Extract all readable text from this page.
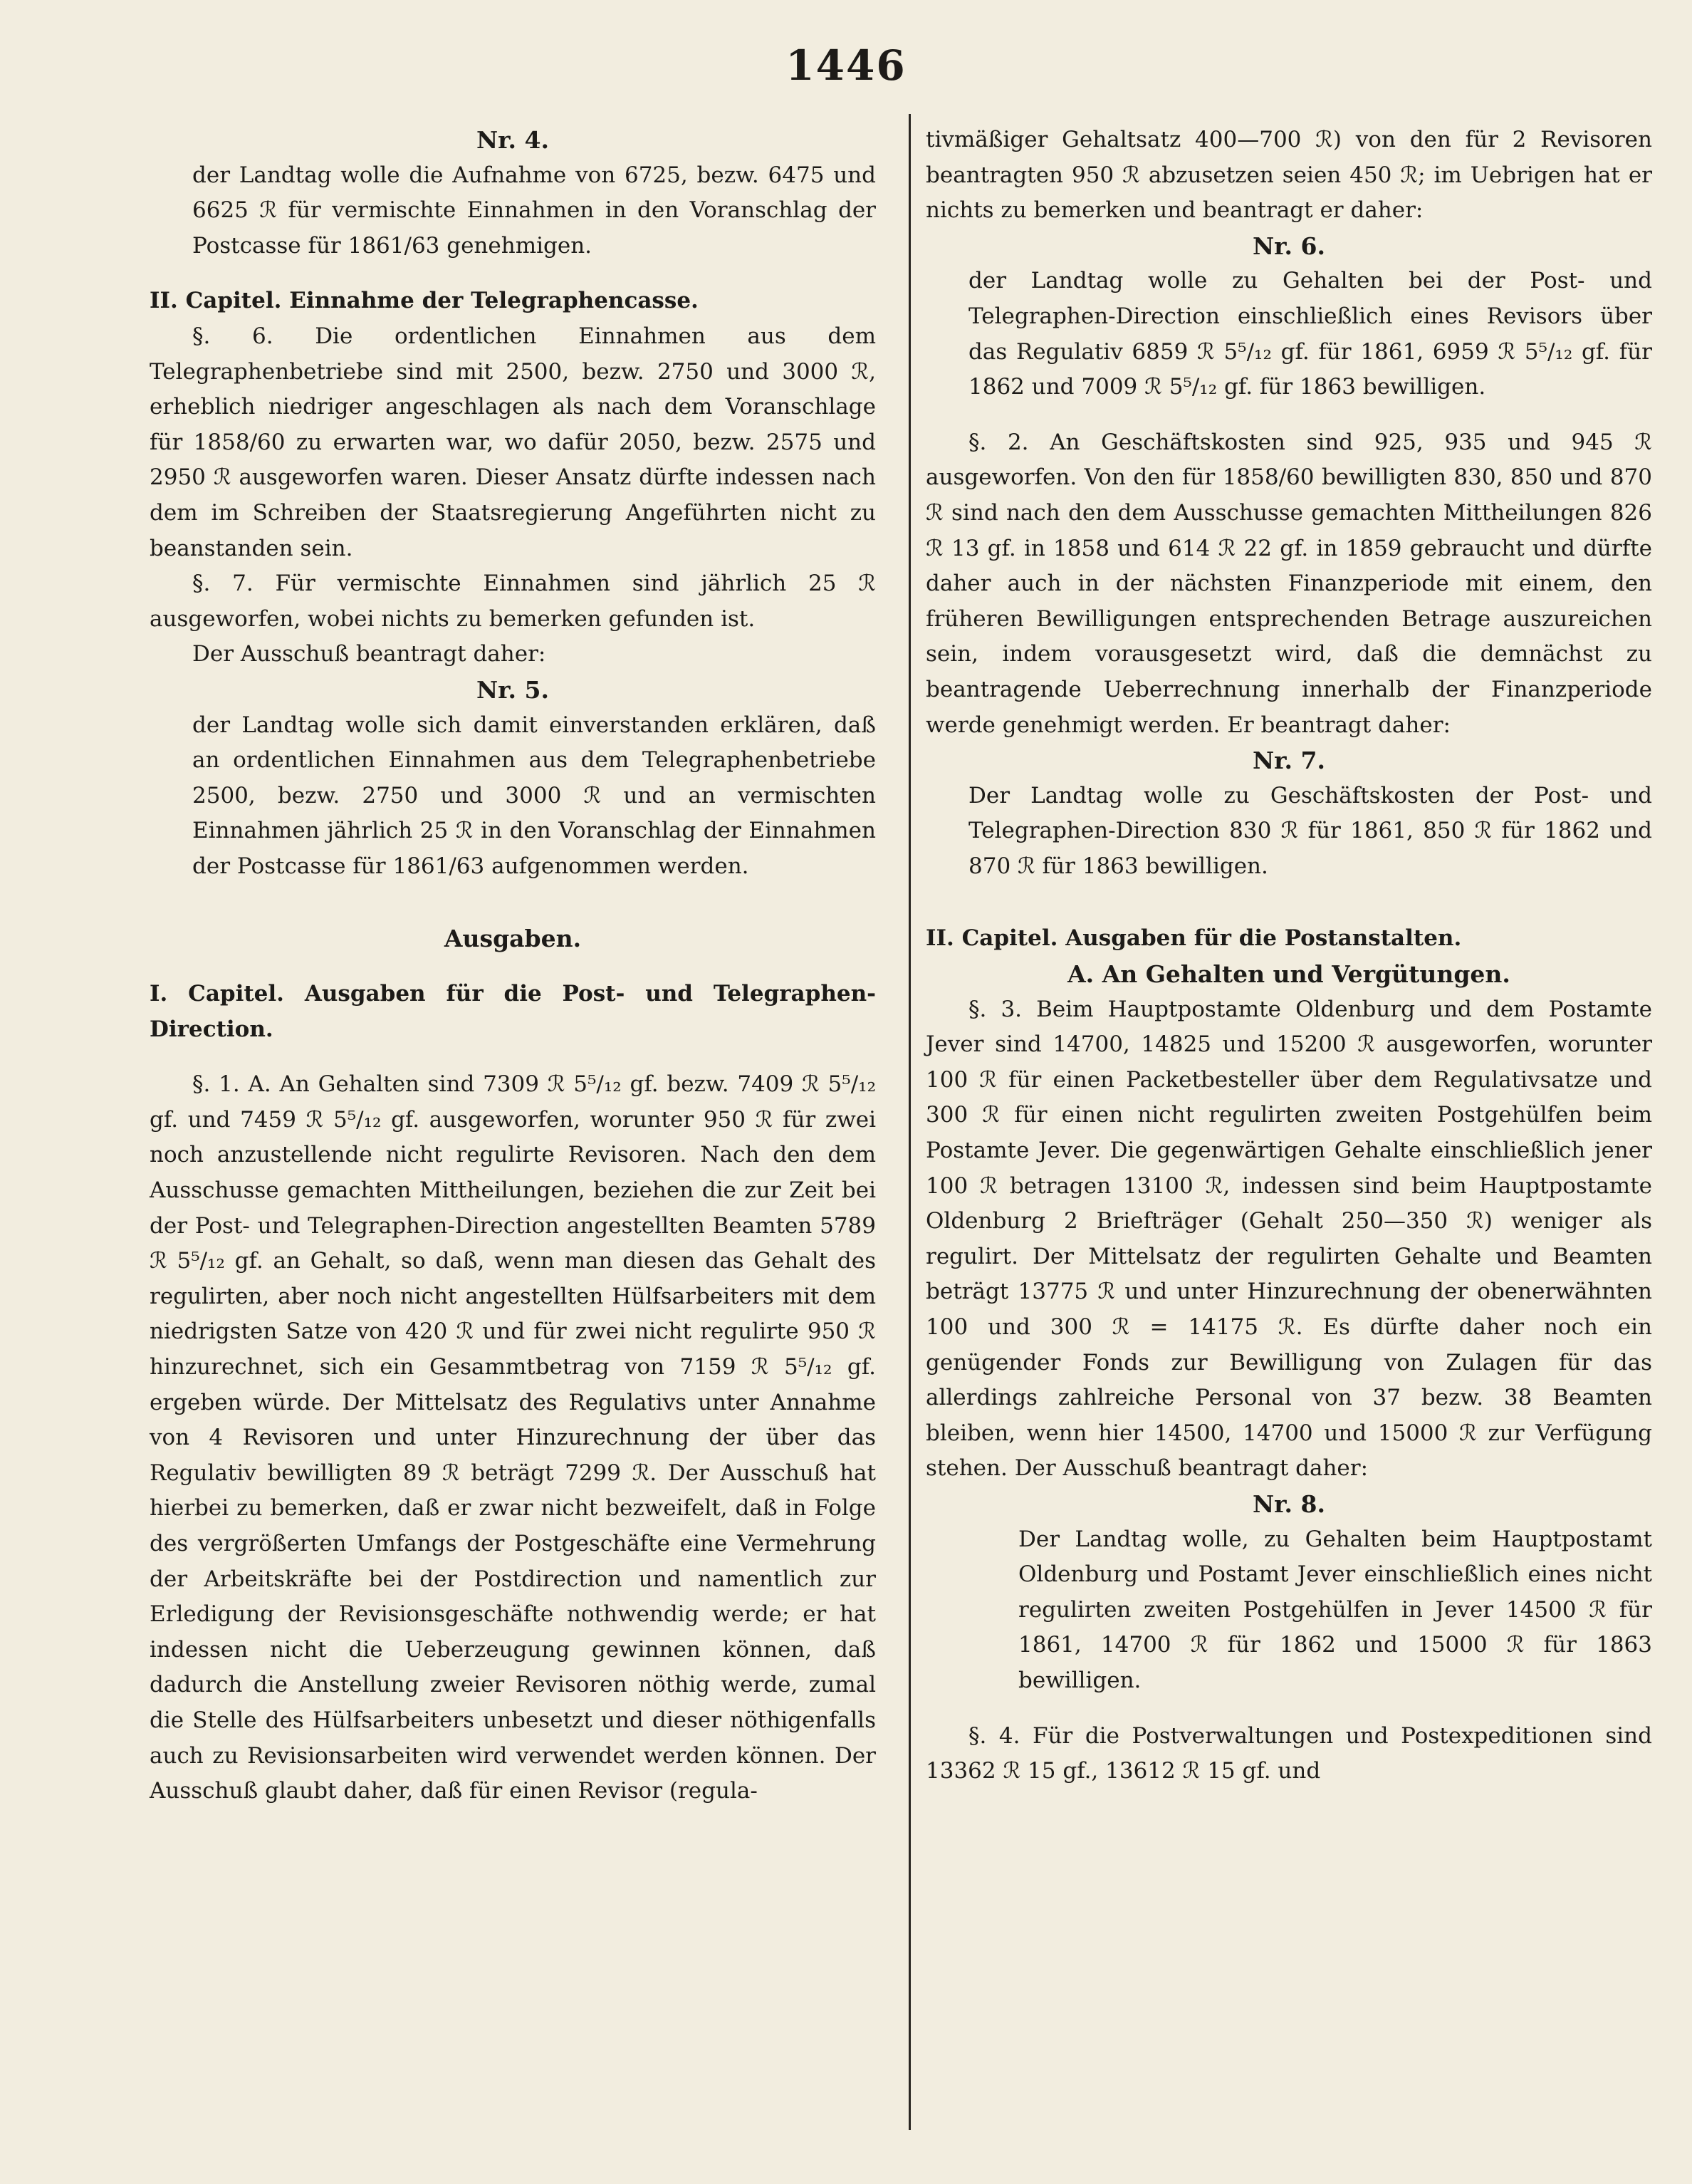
1446
Nr. 4.

der Landtag wolle die Aufnahme von 6725, bezw. 6475 und 6625 ℛ für vermischte Einnahmen in den Voranschlag der Postcasse für 1861/63 genehmigen.

II. Capitel. Einnahme der Telegraphencasse.

§. 6. Die ordentlichen Einnahmen aus dem Telegraphenbetriebe sind mit 2500, bezw. 2750 und 3000 ℛ, erheblich niedriger angeschlagen als nach dem Voranschlage für 1858/60 zu erwarten war, wo dafür 2050, bezw. 2575 und 2950 ℛ ausgeworfen waren. Dieser Ansatz dürfte indessen nach dem im Schreiben der Staatsregierung Angeführten nicht zu beanstanden sein.

§. 7. Für vermischte Einnahmen sind jährlich 25 ℛ ausgeworfen, wobei nichts zu bemerken gefunden ist.

Der Ausschuß beantragt daher:

Nr. 5.

der Landtag wolle sich damit einverstanden erklären, daß an ordentlichen Einnahmen aus dem Telegraphenbetriebe 2500, bezw. 2750 und 3000 ℛ und an vermischten Einnahmen jährlich 25 ℛ in den Voranschlag der Einnahmen der Postcasse für 1861/63 aufgenommen werden.

Ausgaben.

I. Capitel. Ausgaben für die Post- und Telegraphen-Direction.

§. 1. A. An Gehalten sind 7309 ℛ 5⁵/₁₂ gf. bezw. 7409 ℛ 5⁵/₁₂ gf. und 7459 ℛ 5⁵/₁₂ gf. ausgeworfen, worunter 950 ℛ für zwei noch anzustellende nicht regulirte Revisoren. Nach den dem Ausschusse gemachten Mittheilungen, beziehen die zur Zeit bei der Post- und Telegraphen-Direction angestellten Beamten 5789 ℛ 5⁵/₁₂ gf. an Gehalt, so daß, wenn man diesen das Gehalt des regulirten, aber noch nicht angestellten Hülfsarbeiters mit dem niedrigsten Satze von 420 ℛ und für zwei nicht regulirte 950 ℛ hinzurechnet, sich ein Gesammtbetrag von 7159 ℛ 5⁵/₁₂ gf. ergeben würde. Der Mittelsatz des Regulativs unter Annahme von 4 Revisoren und unter Hinzurechnung der über das Regulativ bewilligten 89 ℛ beträgt 7299 ℛ. Der Ausschuß hat hierbei zu bemerken, daß er zwar nicht bezweifelt, daß in Folge des vergrößerten Umfangs der Postgeschäfte eine Vermehrung der Arbeitskräfte bei der Postdirection und namentlich zur Erledigung der Revisionsgeschäfte nothwendig werde; er hat indessen nicht die Ueberzeugung gewinnen können, daß dadurch die Anstellung zweier Revisoren nöthig werde, zumal die Stelle des Hülfsarbeiters unbesetzt und dieser nöthigenfalls auch zu Revisionsarbeiten wird verwendet werden können. Der Ausschuß glaubt daher, daß für einen Revisor (regula-

tivmäßiger Gehaltsatz 400—700 ℛ) von den für 2 Revisoren beantragten 950 ℛ abzusetzen seien 450 ℛ; im Uebrigen hat er nichts zu bemerken und beantragt er daher:

Nr. 6.

der Landtag wolle zu Gehalten bei der Post- und Telegraphen-Direction einschließlich eines Revisors über das Regulativ 6859 ℛ 5⁵/₁₂ gf. für 1861, 6959 ℛ 5⁵/₁₂ gf. für 1862 und 7009 ℛ 5⁵/₁₂ gf. für 1863 bewilligen.

§. 2. An Geschäftskosten sind 925, 935 und 945 ℛ ausgeworfen. Von den für 1858/60 bewilligten 830, 850 und 870 ℛ sind nach den dem Ausschusse gemachten Mittheilungen 826 ℛ 13 gf. in 1858 und 614 ℛ 22 gf. in 1859 gebraucht und dürfte daher auch in der nächsten Finanzperiode mit einem, den früheren Bewilligungen entsprechenden Betrage auszureichen sein, indem vorausgesetzt wird, daß die demnächst zu beantragende Ueberrechnung innerhalb der Finanzperiode werde genehmigt werden. Er beantragt daher:

Nr. 7.

Der Landtag wolle zu Geschäftskosten der Post- und Telegraphen-Direction 830 ℛ für 1861, 850 ℛ für 1862 und 870 ℛ für 1863 bewilligen.

II. Capitel. Ausgaben für die Postanstalten.

A. An Gehalten und Vergütungen.

§. 3. Beim Hauptpostamte Oldenburg und dem Postamte Jever sind 14700, 14825 und 15200 ℛ ausgeworfen, worunter 100 ℛ für einen Packetbesteller über dem Regulativsatze und 300 ℛ für einen nicht regulirten zweiten Postgehülfen beim Postamte Jever. Die gegenwärtigen Gehalte einschließlich jener 100 ℛ betragen 13100 ℛ, indessen sind beim Hauptpostamte Oldenburg 2 Briefträger (Gehalt 250—350 ℛ) weniger als regulirt. Der Mittelsatz der regulirten Gehalte und Beamten beträgt 13775 ℛ und unter Hinzurechnung der obenerwähnten 100 und 300 ℛ = 14175 ℛ. Es dürfte daher noch ein genügender Fonds zur Bewilligung von Zulagen für das allerdings zahlreiche Personal von 37 bezw. 38 Beamten bleiben, wenn hier 14500, 14700 und 15000 ℛ zur Verfügung stehen. Der Ausschuß beantragt daher:

Nr. 8.

Der Landtag wolle, zu Gehalten beim Hauptpostamt Oldenburg und Postamt Jever einschließlich eines nicht regulirten zweiten Postgehülfen in Jever 14500 ℛ für 1861, 14700 ℛ für 1862 und 15000 ℛ für 1863 bewilligen.

§. 4. Für die Postverwaltungen und Postexpeditionen sind 13362 ℛ 15 gf., 13612 ℛ 15 gf. und
